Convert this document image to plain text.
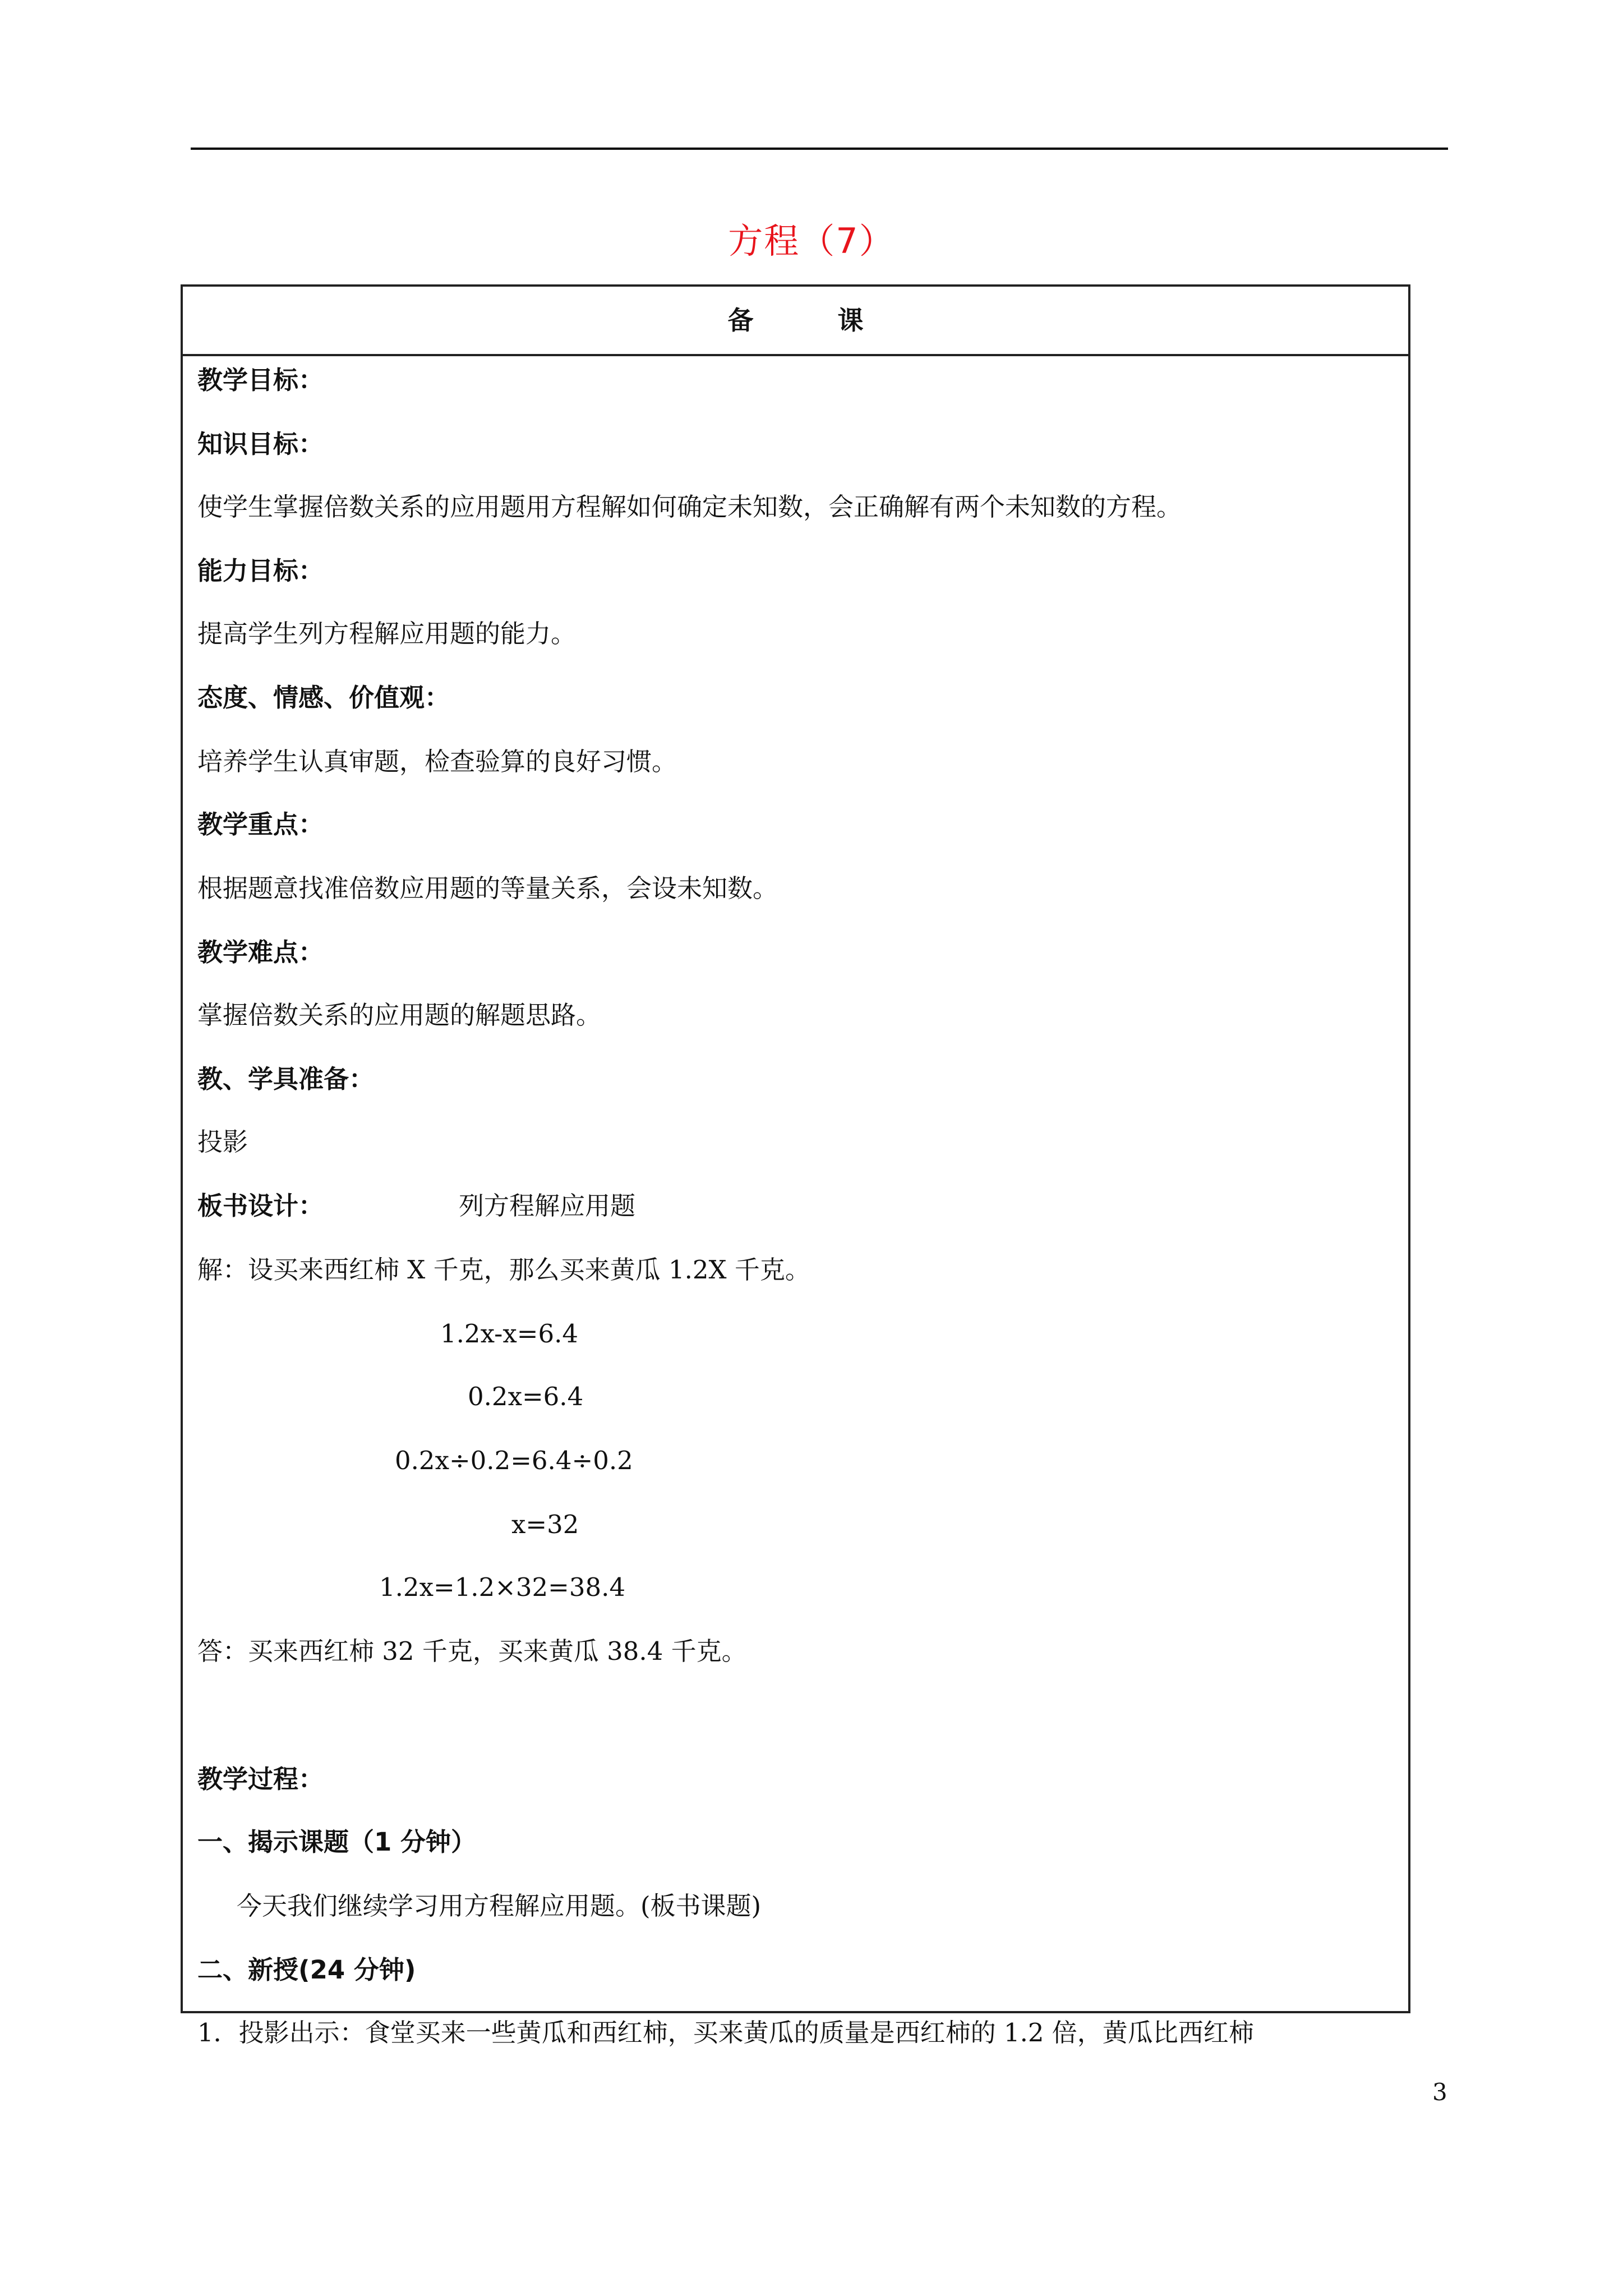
方程（7）
备	课
教学目标：
知识目标：
使学生掌握倍数关系的应用题用方程解如何确定未知数，会正确解有两个未知数的方程。
能力目标：
提高学生列方程解应用题的能力。
态度、情感、价值观：
培养学生认真审题，检查验算的良好习惯。
教学重点：
根据题意找准倍数应用题的等量关系，会设未知数。
教学难点：
掌握倍数关系的应用题的解题思路。
教、学具准备：
投影
板书设计：	列方程解应用题
解：设买来西红柿 X 千克，那么买来黄瓜 1.2X 千克。
1.2x-x=6.4
0.2x=6.4
0.2x÷0.2=6.4÷0.2
x=32
1.2x=1.2×32=38.4
答：买来西红柿 32 千克，买来黄瓜 38.4 千克。
教学过程：
一、揭示课题（1 分钟）
今天我们继续学习用方程解应用题。(板书课题)
二、新授(24 分钟)
1．投影出示：食堂买来一些黄瓜和西红柿，买来黄瓜的质量是西红柿的 1.2 倍，黄瓜比西红柿
3
